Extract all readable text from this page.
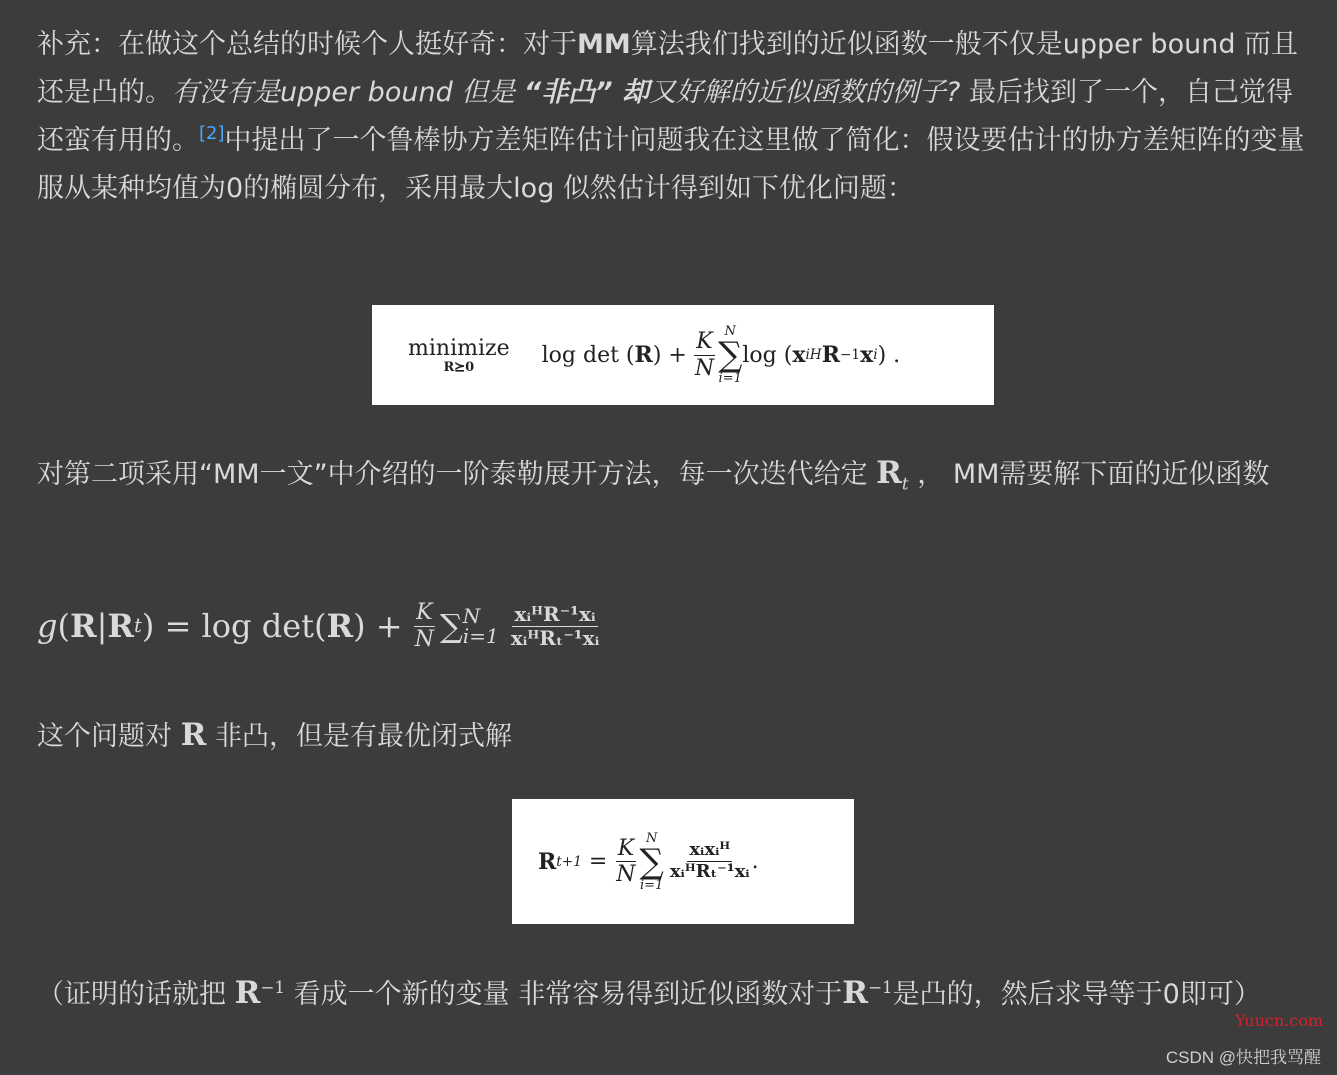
补充：在做这个总结的时候个人挺好奇：对于MM算法我们找到的近似函数一般不仅是upper bound 而且还是凸的。有没有是upper bound 但是 “非凸” 却又好解的近似函数的例子? 最后找到了一个，自己觉得还蛮有用的。[2]中提出了一个鲁棒协方差矩阵估计问题我在这里做了简化：假设要估计的协方差矩阵的变量服从某种均值为0的椭圆分布，采用最大log 似然估计得到如下优化问题：

minimize
R⪰0	log det ( R ) + $\frac{K}{N}$ N
∑
i=1
log ( x i H R −1 x i ) .

对第二项采用“MM一文”中介绍的一阶泰勒展开方法，每一次迭代给定 $R_t$ ， MM需要解下面的近似函数

g ( R | R t ) = log det( R ) + $\frac{K}{N}$ ∑ N
$i=1 \frac{\text{xᵢᴴR⁻¹xᵢ}}{\text{xᵢᴴRₜ⁻¹xᵢ}}$

这个问题对 R 非凸，但是有最优闭式解

R $t+1 = \frac{K}{N}$ N
∑
i=1
$\frac{\text{xᵢxᵢᴴ}}{\text{xᵢᴴRₜ⁻¹xᵢ}}$ .

（证明的话就把 $R^{-1}$ 看成一个新的变量 非常容易得到近似函数对于$R^{-1}$是凸的，然后求导等于0即可）

Yuucn.com
CSDN @快把我骂醒
